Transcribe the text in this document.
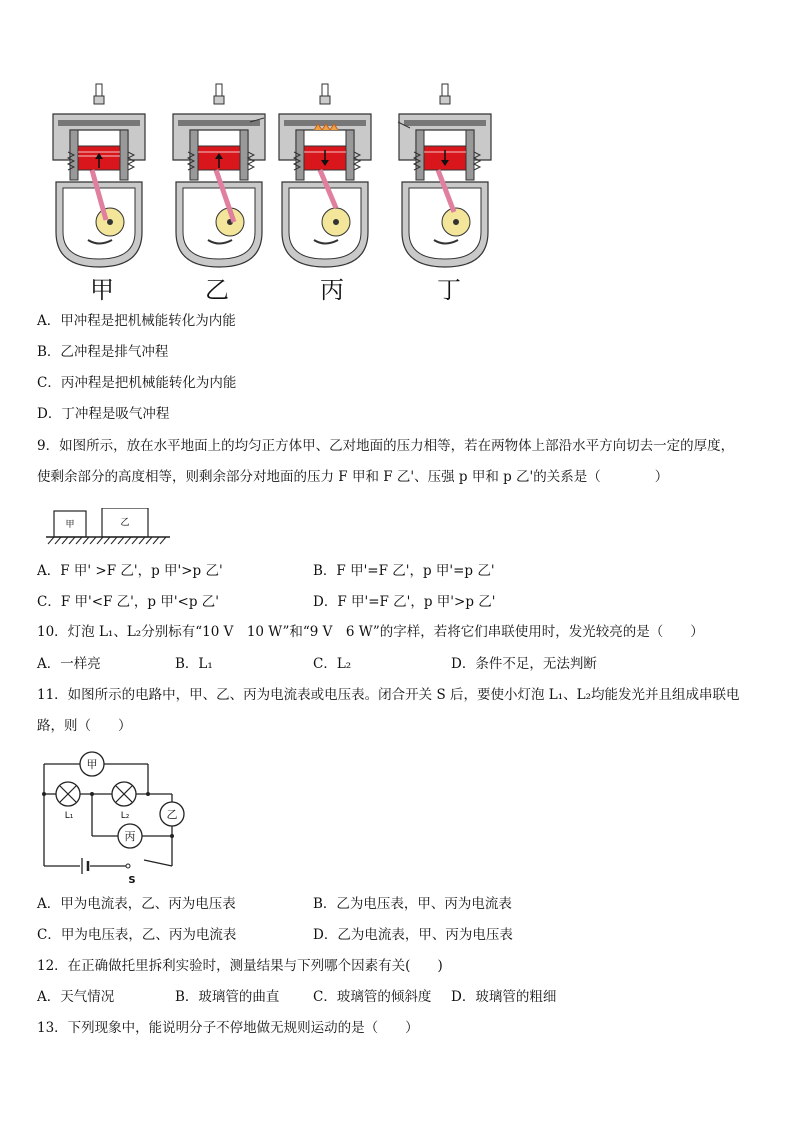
甲	乙	丙	丁
A．甲冲程是把机械能转化为内能
B．乙冲程是排气冲程
C．丙冲程是把机械能转化为内能
D．丁冲程是吸气冲程
9．如图所示，放在水平地面上的均匀正方体甲、乙对地面的压力相等，若在两物体上部沿水平方向切去一定的厚度，
使剩余部分的高度相等，则剩余部分对地面的压力 F 甲和 F 乙'、压强 p 甲和 p 乙'的关系是（　　　　）
甲	乙
A．F 甲' >F 乙'，p 甲'>p 乙'	B．F 甲'=F 乙'，p 甲'=p 乙'
C．F 甲'<F 乙'，p 甲'<p 乙'	D．F 甲'=F 乙'，p 甲'>p 乙'
10．灯泡 L₁、L₂分别标有“10 V　10 W”和“9 V　6 W”的字样，若将它们串联使用时，发光较亮的是（　　）
A．一样亮	B．L₁	C．L₂	D．条件不足，无法判断
11．如图所示的电路中，甲、乙、丙为电流表或电压表。闭合开关 S 后，要使小灯泡 L₁、L₂均能发光并且组成串联电
路，则（　　）
甲
乙
丙
L₁	L₂
S
A．甲为电流表，乙、丙为电压表	B．乙为电压表，甲、丙为电流表
C．甲为电压表，乙、丙为电流表	D．乙为电流表，甲、丙为电压表
12．在正确做托里拆利实验时，测量结果与下列哪个因素有关(　　)
A．天气情况	B．玻璃管的曲直 C．玻璃管的倾斜度 D．玻璃管的粗细
13．下列现象中，能说明分子不停地做无规则运动的是（　　）
